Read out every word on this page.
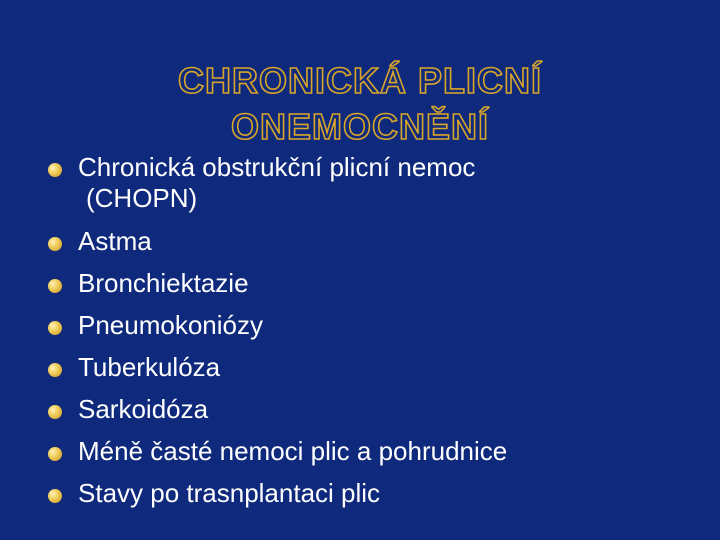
CHRONICKÁ PLICNÍ
ONEMOCNĚNÍ
Chronická obstrukční plicní nemoc
(CHOPN)
Astma
Bronchiektazie
Pneumokoniózy
Tuberkulóza
Sarkoidóza
Méně časté nemoci plic a pohrudnice
Stavy po trasnplantaci plic
